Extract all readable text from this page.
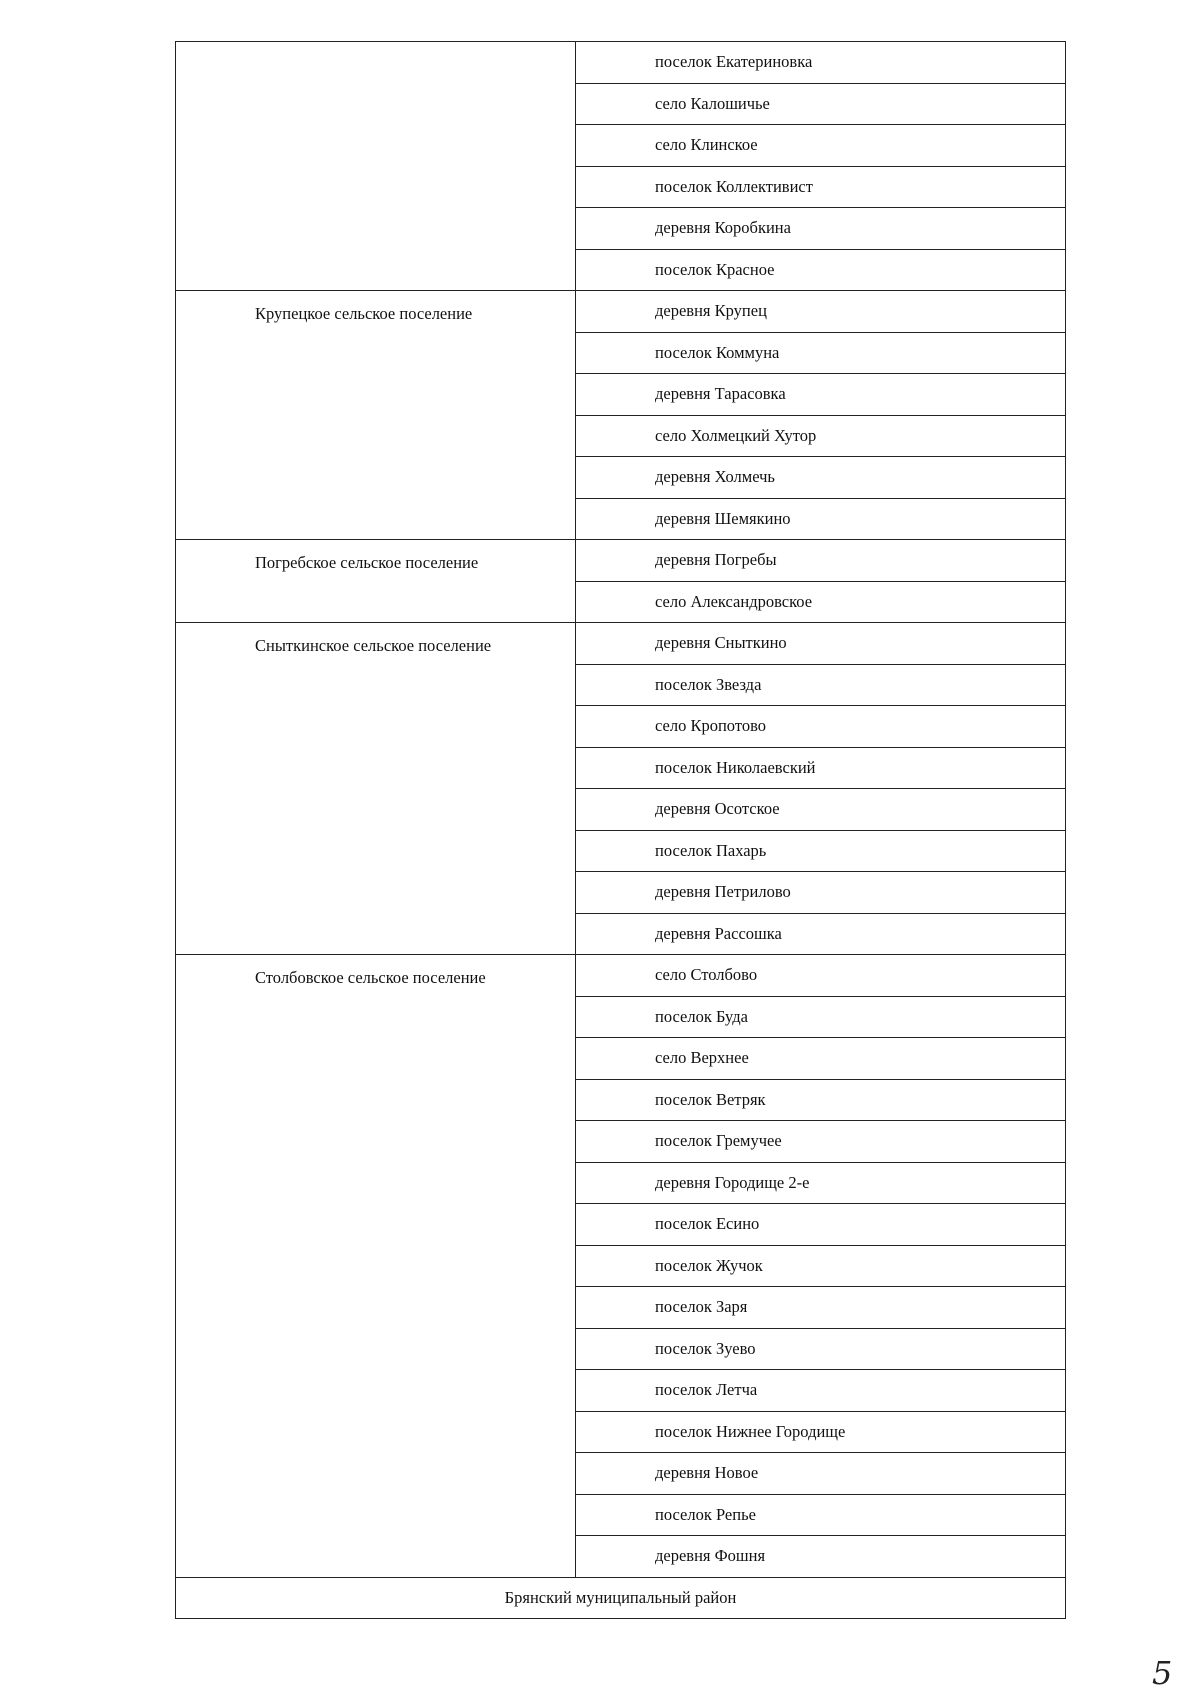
	поселок Екатериновка
	село Калошичье
	село Клинское
	поселок Коллективист
	деревня Коробкина
	поселок Красное
Крупецкое сельское поселение	деревня Крупец
	поселок Коммуна
	деревня Тарасовка
	село Холмецкий Хутор
	деревня Холмечь
	деревня Шемякино
Погребское сельское поселение	деревня Погребы
	село Александровское
Сныткинское сельское поселение	деревня Сныткино
	поселок Звезда
	село Кропотово
	поселок Николаевский
	деревня Осотское
	поселок Пахарь
	деревня Петрилово
	деревня Рассошка
Столбовское сельское поселение	село Столбово
	поселок Буда
	село Верхнее
	поселок Ветряк
	поселок Гремучее
	деревня Городище 2-е
	поселок Есино
	поселок Жучок
	поселок Заря
	поселок Зуево
	поселок Летча
	поселок Нижнее Городище
	деревня Новое
	поселок Репье
	деревня Фошня
Брянский муниципальный район	
5
